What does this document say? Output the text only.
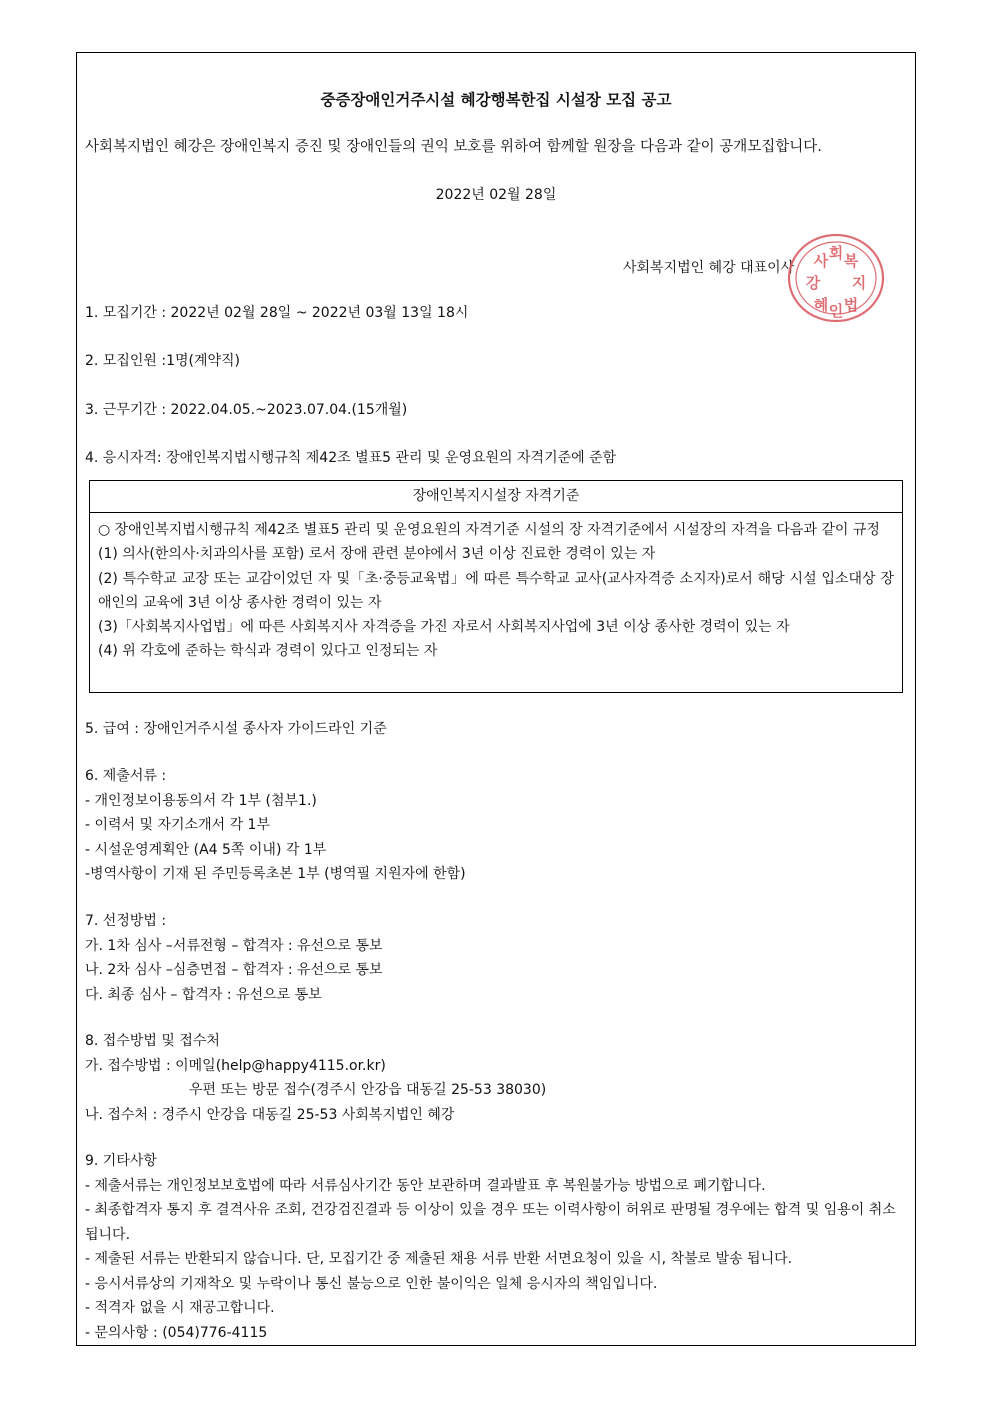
중증장애인거주시설 혜강행복한집 시설장 모집 공고
사회복지법인 혜강은 장애인복지 증진 및 장애인들의 권익 보호를 위하여 함께할 원장을 다음과 같이 공개모집합니다.
2022년 02월 28일
사회복지법인 혜강 대표이사 사 회 복
지
법
인
혜
강
1. 모집기간 : 2022년 02월 28일 ~ 2022년 03월 13일 18시
2. 모집인원 :1명(계약직)
3. 근무기간 : 2022.04.05.~2023.07.04.(15개월)
4. 응시자격: 장애인복지법시행규칙 제42조 별표5 관리 및 운영요원의 자격기준에 준함
장애인복지시설장 자격기준
○ 장애인복지법시행규칙 제42조 별표5 관리 및 운영요원의 자격기준 시설의 장 자격기준에서 시설장의 자격을 다음과 같이 규정
(1) 의사(한의사·치과의사를 포함) 로서 장애 관련 분야에서 3년 이상 진료한 경력이 있는 자
(2) 특수학교 교장 또는 교감이었던 자 및「초·중등교육법」에 따른 특수학교 교사(교사자격증 소지자)로서 해당 시설 입소대상 장애인의 교육에 3년 이상 종사한 경력이 있는 자
(3)「사회복지사업법」에 따른 사회복지사 자격증을 가진 자로서 사회복지사업에 3년 이상 종사한 경력이 있는 자
(4) 위 각호에 준하는 학식과 경력이 있다고 인정되는 자
5. 급여 : 장애인거주시설 종사자 가이드라인 기준
6. 제출서류 :
- 개인정보이용동의서 각 1부 (첨부1.)
- 이력서 및 자기소개서 각 1부
- 시설운영계획안 (A4 5쪽 이내) 각 1부
-병역사항이 기재 된 주민등록초본 1부 (병역필 지원자에 한함)
7. 선정방법 :
가. 1차 심사 –서류전형 – 합격자 : 유선으로 통보
나. 2차 심사 –심층면접 – 합격자 : 유선으로 통보
다. 최종 심사 – 합격자 : 유선으로 통보
8. 접수방법 및 접수처
가. 접수방법 : 이메일(help@happy4115.or.kr)
우편 또는 방문 접수(경주시 안강읍 대동길 25-53 38030)
나. 접수처 : 경주시 안강읍 대동길 25-53 사회복지법인 혜강
9. 기타사항
- 제출서류는 개인정보보호법에 따라 서류심사기간 동안 보관하며 결과발표 후 복원불가능 방법으로 폐기합니다.
- 최종합격자 통지 후 결격사유 조회, 건강검진결과 등 이상이 있을 경우 또는 이력사항이 허위로 판명될 경우에는 합격 및 임용이 취소됩니다.
- 제출된 서류는 반환되지 않습니다. 단, 모집기간 중 제출된 채용 서류 반환 서면요청이 있을 시, 착불로 발송 됩니다.
- 응시서류상의 기재착오 및 누락이나 통신 불능으로 인한 불이익은 일체 응시자의 책임입니다.
- 적격자 없을 시 재공고합니다.
- 문의사항 : (054)776-4115
